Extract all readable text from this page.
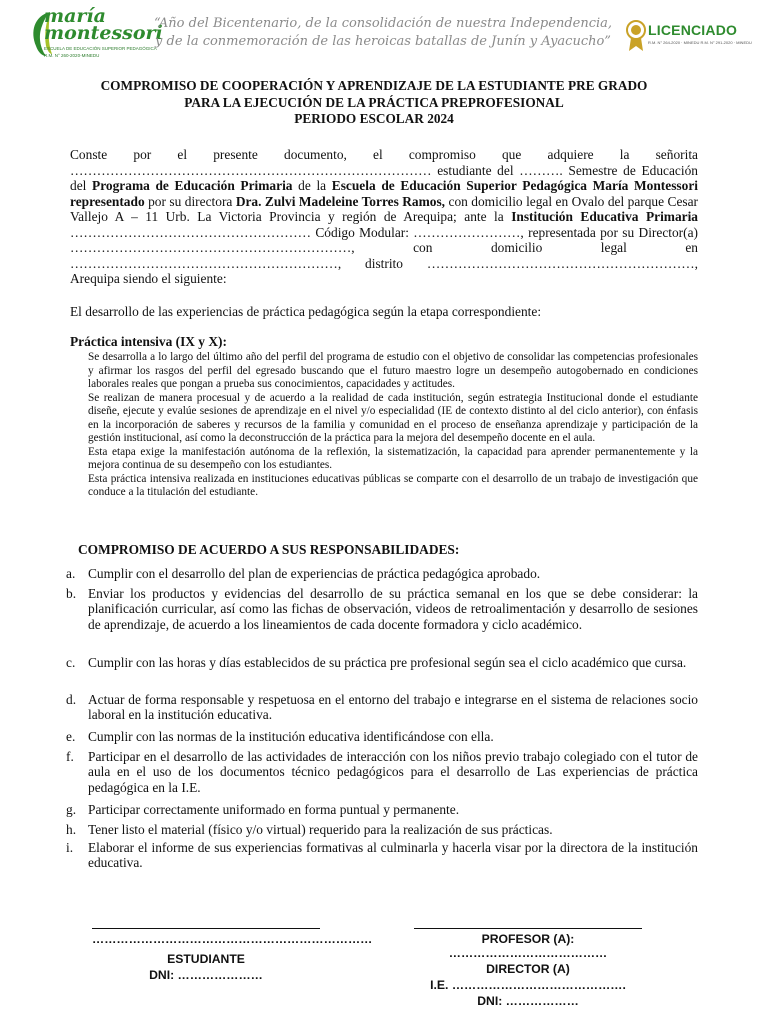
maría
montessori
ESCUELA DE EDUCACIÓN SUPERIOR PEDAGÓGICA
R.M. N° 260-2020-MINEDU
“Año del Bicentenario, de la consolidación de nuestra Independencia, y de la conmemoración de las heroicas batallas de Junín y Ayacucho”
LICENCIADO
R.M. N° 264-2020 · MINEDU R.M. N° 291-2020 · MINEDU
COMPROMISO DE COOPERACIÓN Y APRENDIZAJE DE LA ESTUDIANTE PRE GRADO
PARA LA EJECUCIÓN DE LA PRÁCTICA PREPROFESIONAL
PERIODO ESCOLAR 2024
Conste por el presente documento, el compromiso que adquiere la señorita ……………………………………………………………………… estudiante del ………. Semestre de Educación del Programa de Educación Primaria de la Escuela de Educación Superior Pedagógica María Montessori representado por su directora Dra. Zulvi Madeleine Torres Ramos, con domicilio legal en Ovalo del parque Cesar Vallejo A – 11 Urb. La Victoria Provincia y región de Arequipa; ante la Institución Educativa Primaria ……………………………………………… Código Modular: ……………………, representada por su Director(a) ………………………………………………………, con domicilio legal en ……………………………………………………, distrito ……………………………………………………, Arequipa siendo el siguiente:
El desarrollo de las experiencias de práctica pedagógica según la etapa correspondiente:
Práctica intensiva (IX y X):
Se desarrolla a lo largo del último año del perfil del programa de estudio con el objetivo de consolidar las competencias profesionales y afirmar los rasgos del perfil del egresado buscando que el futuro maestro logre un desempeño autogobernado en condiciones laborales reales que pongan a prueba sus conocimientos, capacidades y actitudes.
Se realizan de manera procesual y de acuerdo a la realidad de cada institución, según estrategia Institucional donde el estudiante diseñe, ejecute y evalúe sesiones de aprendizaje en el nivel y/o especialidad (IE de contexto distinto al del ciclo anterior), con énfasis en la incorporación de saberes y recursos de la familia y comunidad en el proceso de enseñanza aprendizaje y participación de la gestión institucional, así como la deconstrucción de la práctica para la mejora del desempeño docente en el aula.
Esta etapa exige la manifestación autónoma de la reflexión, la sistematización, la capacidad para aprender permanentemente y la mejora continua de su desempeño con los estudiantes.
Esta práctica intensiva realizada en instituciones educativas públicas se comparte con el desarrollo de un trabajo de investigación que conduce a la titulación del estudiante.
COMPROMISO DE ACUERDO A SUS RESPONSABILIDADES:
a. Cumplir con el desarrollo del plan de experiencias de práctica pedagógica aprobado.
b. Enviar los productos y evidencias del desarrollo de su práctica semanal en los que se debe considerar: la planificación curricular, así como las fichas de observación, videos de retroalimentación y desarrollo de sesiones de aprendizaje, de acuerdo a los lineamientos de cada docente formadora y ciclo académico.
c. Cumplir con las horas y días establecidos de su práctica pre profesional según sea el ciclo académico que cursa.
d. Actuar de forma responsable y respetuosa en el entorno del trabajo e integrarse en el sistema de relaciones socio laboral en la institución educativa.
e. Cumplir con las normas de la institución educativa identificándose con ella.
f.	Participar en el desarrollo de las actividades de interacción con los niños previo trabajo colegiado con el tutor de aula en el uso de los documentos técnico pedagógicos para el desarrollo de Las experiencias de práctica pedagógica en la I.E.
g. Participar correctamente uniformado en forma puntual y permanente.
h. Tener listo el material (físico y/o virtual) requerido para la realización de sus prácticas.
i.	Elaborar el informe de sus experiencias formativas al culminarla y hacerla visar por la directora de la institución educativa.
……………………………………………………………
ESTUDIANTE
DNI: …………………
PROFESOR (A): …………………………………
DIRECTOR (A)
I.E. …………………………………….
DNI: ………………
